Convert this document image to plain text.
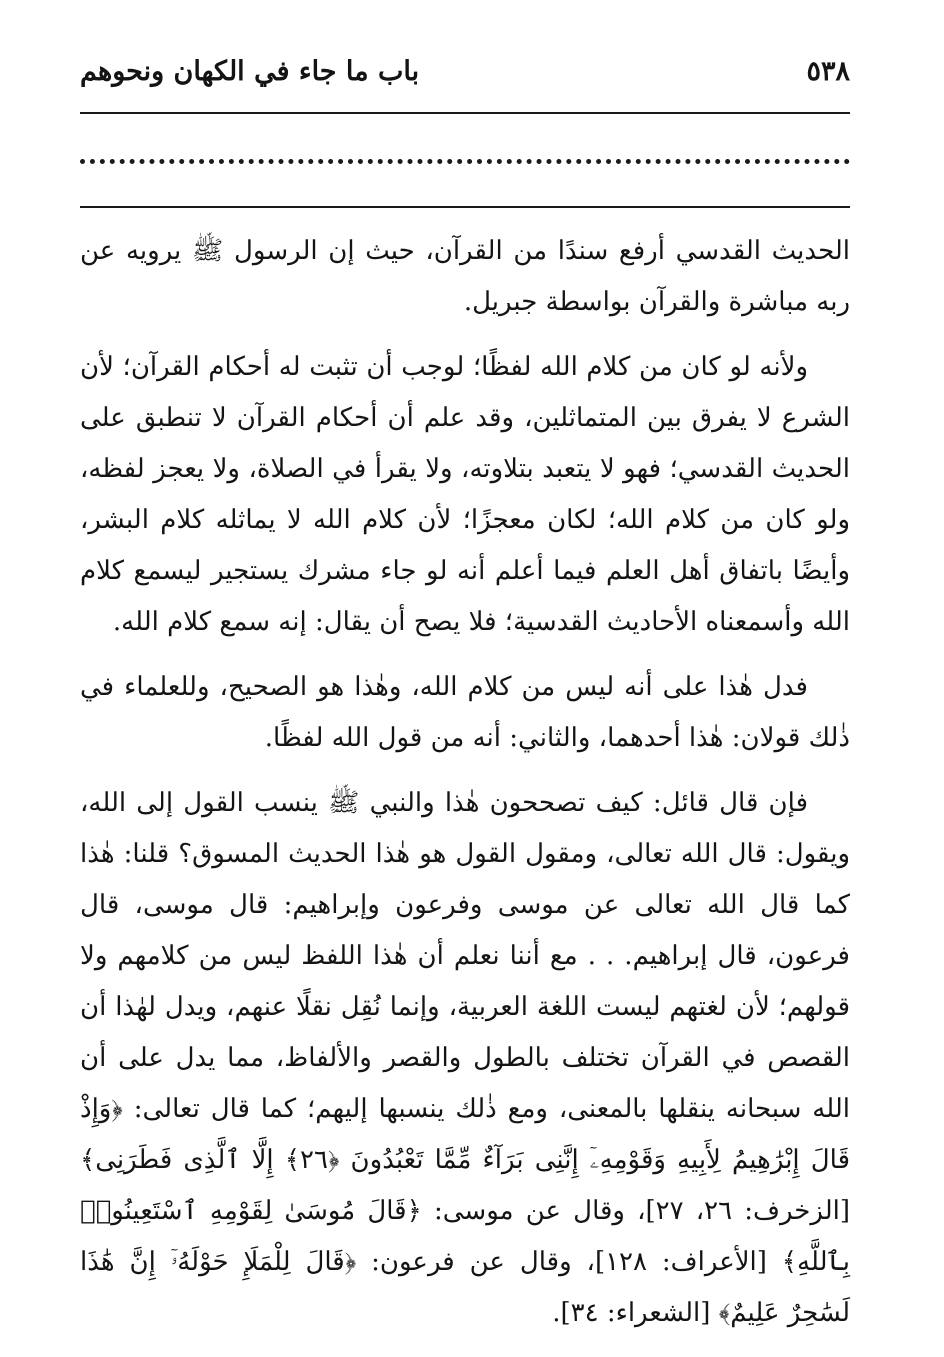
٥٣٨
باب ما جاء في الكهان ونحوهم

الحديث القدسي أرفع سندًا من القرآن، حيث إن الرسول ﷺ يرويه عن ربه مباشرة والقرآن بواسطة جبريل.

ولأنه لو كان من كلام الله لفظًا؛ لوجب أن تثبت له أحكام القرآن؛ لأن الشرع لا يفرق بين المتماثلين، وقد علم أن أحكام القرآن لا تنطبق على الحديث القدسي؛ فهو لا يتعبد بتلاوته، ولا يقرأ في الصلاة، ولا يعجز لفظه، ولو كان من كلام الله؛ لكان معجزًا؛ لأن كلام الله لا يماثله كلام البشر، وأيضًا باتفاق أهل العلم فيما أعلم أنه لو جاء مشرك يستجير ليسمع كلام الله وأسمعناه الأحاديث القدسية؛ فلا يصح أن يقال: إنه سمع كلام الله.

فدل هٰذا على أنه ليس من كلام الله، وهٰذا هو الصحيح، وللعلماء في ذٰلك قولان: هٰذا أحدهما، والثاني: أنه من قول الله لفظًا.

فإن قال قائل: كيف تصححون هٰذا والنبي ﷺ ينسب القول إلى الله، ويقول: قال الله تعالى، ومقول القول هو هٰذا الحديث المسوق؟ قلنا: هٰذا كما قال الله تعالى عن موسى وفرعون وإبراهيم: قال موسى، قال فرعون، قال إبراهيم. . . مع أننا نعلم أن هٰذا اللفظ ليس من كلامهم ولا قولهم؛ لأن لغتهم ليست اللغة العربية، وإنما نُقِل نقلًا عنهم، ويدل لهٰذا أن القصص في القرآن تختلف بالطول والقصر والألفاظ، مما يدل على أن الله سبحانه ينقلها بالمعنى، ومع ذٰلك ينسبها إليهم؛ كما قال تعالى: ﴿وَإِذْ قَالَ إِبْرَٰهِيمُ لِأَبِيهِ وَقَوْمِهِۦٓ إِنَّنِى بَرَآءٌ مِّمَّا تَعْبُدُونَ ﴿٢٦﴾ إِلَّا ٱلَّذِى فَطَرَنِى﴾ [الزخرف: ٢٦، ٢٧]، وقال عن موسى: ﴿قَالَ مُوسَىٰ لِقَوْمِهِ ٱسْتَعِينُوا۟ بِٱللَّهِ﴾ [الأعراف: ١٢٨]، وقال عن فرعون: ﴿قَالَ لِلْمَلَإِ حَوْلَهُۥٓ إِنَّ هَٰذَا لَسَٰحِرٌ عَلِيمٌ﴾ [الشعراء: ٣٤].
